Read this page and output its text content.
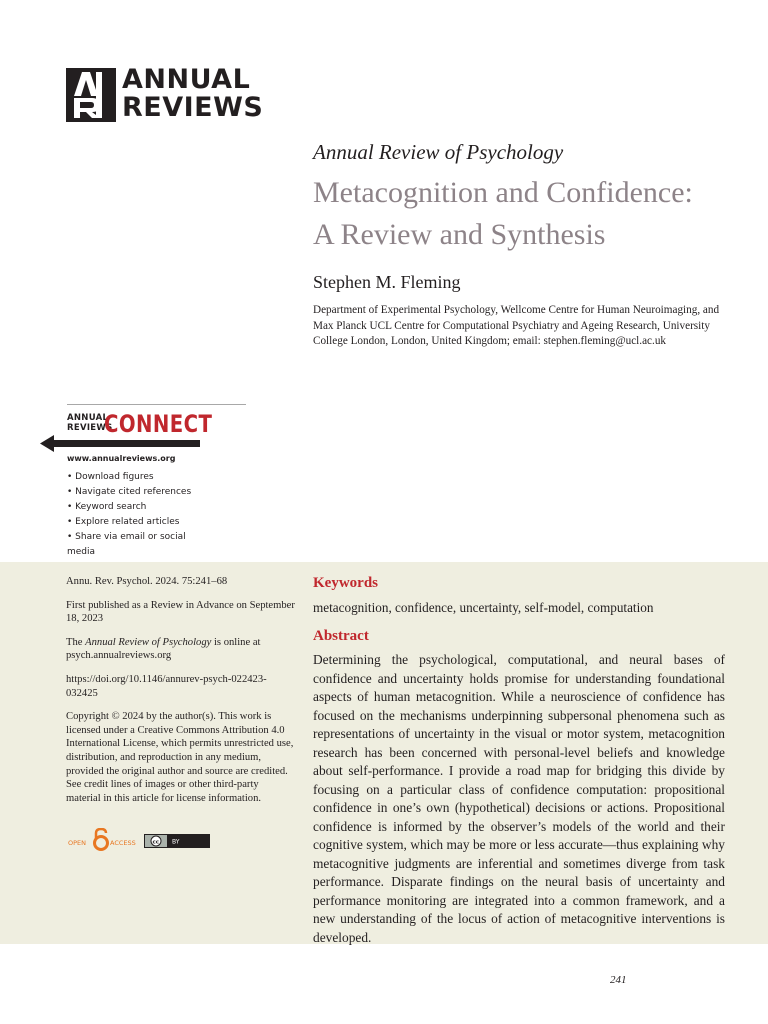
ANNUAL
REVIEWS
Annual Review of Psychology
Metacognition and Confidence:
A Review and Synthesis
Stephen M. Fleming
Department of Experimental Psychology, Wellcome Centre for Human Neuroimaging, and Max Planck UCL Centre for Computational Psychiatry and Ageing Research, University College London, London, United Kingdom; email: stephen.fleming@ucl.ac.uk
ANNUAL
REVIEWS
CONNECT
www.annualreviews.org
• Download figures
• Navigate cited references
• Keyword search
• Explore related articles
• Share via email or social media

Annu. Rev. Psychol. 2024. 75:241–68

First published as a Review in Advance on September 18, 2023

The Annual Review of Psychology is online at psych.annualreviews.org

https://doi.org/10.1146/annurev-psych-022423-032425

Copyright © 2024 by the author(s). This work is licensed under a Creative Commons Attribution 4.0 International License, which permits unrestricted use, distribution, and reproduction in any medium, provided the original author and source are credited. See credit lines of images or other third-party material in this article for license information.

OPEN	ACCESS	cc BY
Keywords

metacognition, confidence, uncertainty, self-model, computation

Abstract

Determining the psychological, computational, and neural bases of confidence and uncertainty holds promise for understanding foundational aspects of human metacognition. While a neuroscience of confidence has focused on the mechanisms underpinning subpersonal phenomena such as representations of uncertainty in the visual or motor system, metacognition research has been concerned with personal-level beliefs and knowledge about self-performance. I provide a road map for bridging this divide by focusing on a particular class of confidence computation: propositional confidence in one’s own (hypothetical) decisions or actions. Propositional confidence is informed by the observer’s models of the world and their cognitive system, which may be more or less accurate—thus explaining why metacognitive judgments are inferential and sometimes diverge from task performance. Disparate findings on the neural basis of uncertainty and performance monitoring are integrated into a common framework, and a new understanding of the locus of action of metacognitive interventions is developed.

241
